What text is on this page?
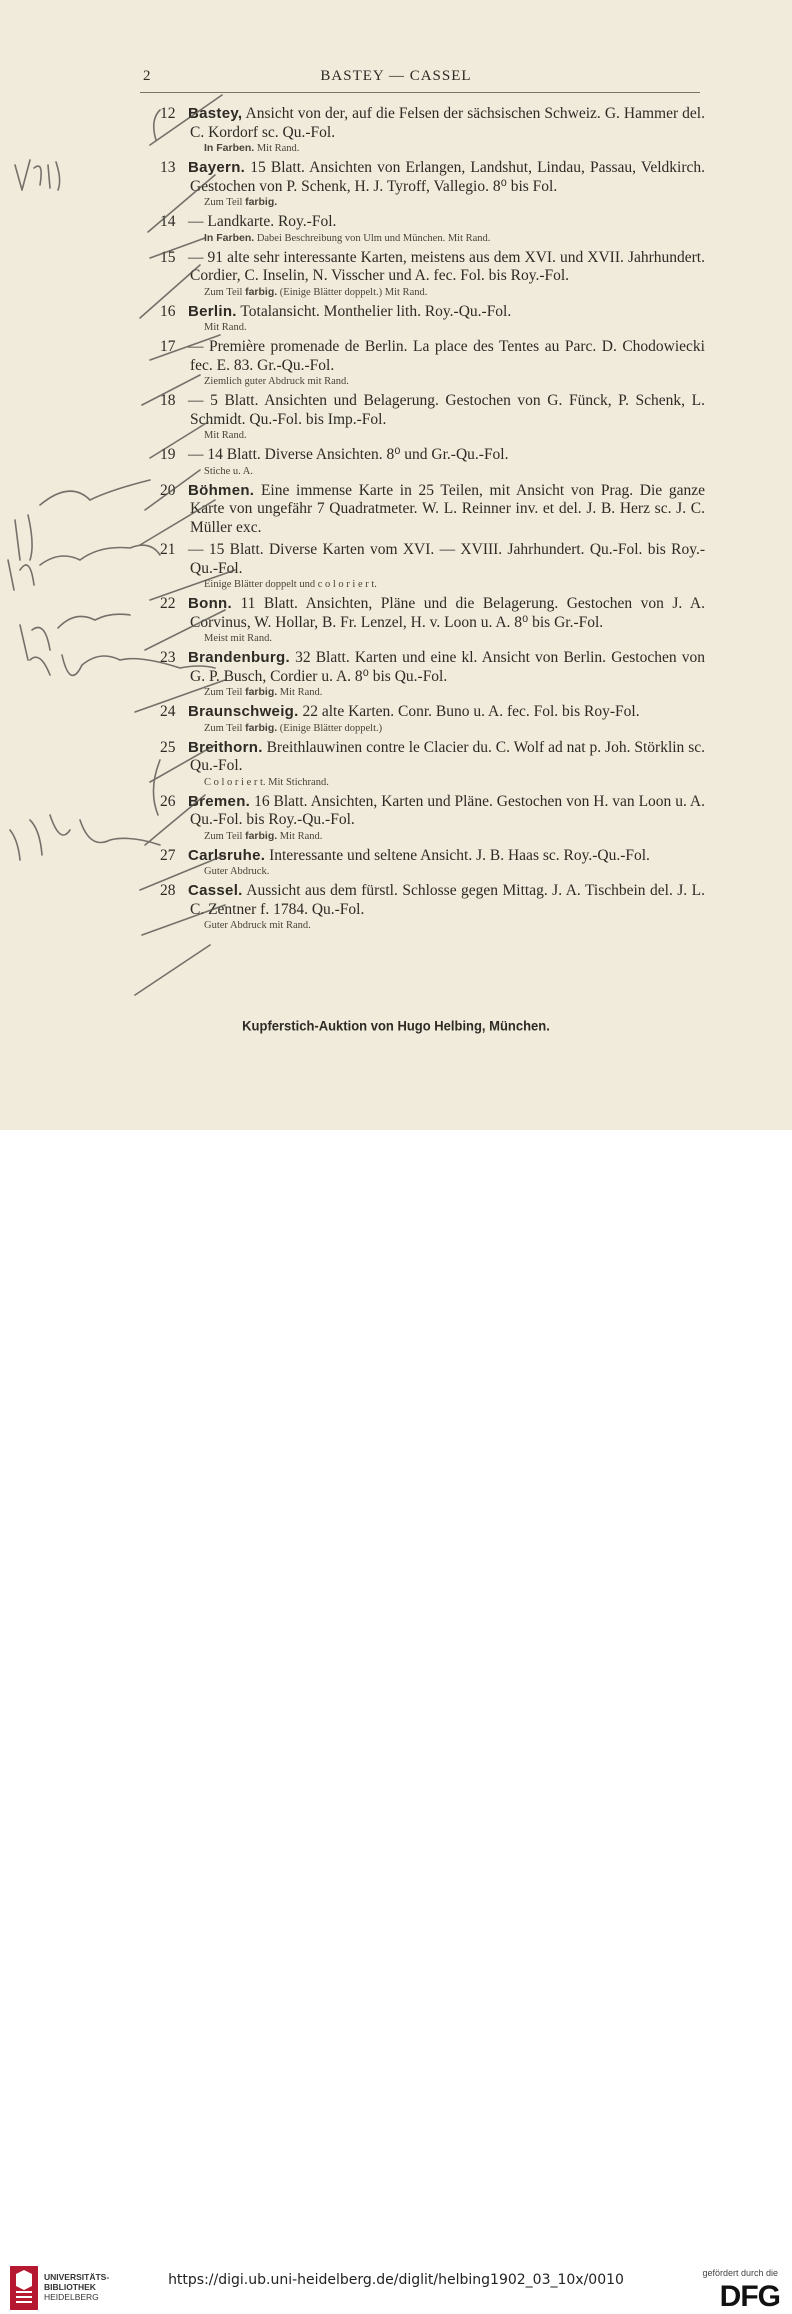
2	BASTEY — CASSEL
12 Bastey, Ansicht von der, auf die Felsen der sächsischen Schweiz. G. Hammer del. C. Kordorf sc. Qu.-Fol.
In Farben. Mit Rand.
13 Bayern. 15 Blatt. Ansichten von Erlangen, Landshut, Lindau, Passau, Veldkirch. Gestochen von P. Schenk, H. J. Tyroff, Vallegio. 8⁰ bis Fol.
Zum Teil farbig.
14 — Landkarte. Roy.-Fol.
In Farben. Dabei Beschreibung von Ulm und München. Mit Rand.
15 — 91 alte sehr interessante Karten, meistens aus dem XVI. und XVII. Jahrhundert. Cordier, C. Inselin, N. Visscher und A. fec. Fol. bis Roy.-Fol.
Zum Teil farbig. (Einige Blätter doppelt.) Mit Rand.
16 Berlin. Totalansicht. Monthelier lith. Roy.-Qu.-Fol.
Mit Rand.
17 — Première promenade de Berlin. La place des Tentes au Parc. D. Chodowiecki fec. E. 83. Gr.-Qu.-Fol.
Ziemlich guter Abdruck mit Rand.
18 — 5 Blatt. Ansichten und Belagerung. Gestochen von G. Fünck, P. Schenk, L. Schmidt. Qu.-Fol. bis Imp.-Fol.
Mit Rand.
19 — 14 Blatt. Diverse Ansichten. 8⁰ und Gr.-Qu.-Fol.
Stiche u. A.
20 Böhmen. Eine immense Karte in 25 Teilen, mit Ansicht von Prag. Die ganze Karte von ungefähr 7 Quadratmeter. W. L. Reinner inv. et del. J. B. Herz sc. J. C. Müller exc.
21 — 15 Blatt. Diverse Karten vom XVI. — XVIII. Jahrhundert. Qu.-Fol. bis Roy.-Qu.-Fol.
Einige Blätter doppelt und c o l o r i e r t.
22 Bonn. 11 Blatt. Ansichten, Pläne und die Belagerung. Gestochen von J. A. Corvinus, W. Hollar, B. Fr. Lenzel, H. v. Loon u. A. 8⁰ bis Gr.-Fol.
Meist mit Rand.
23 Brandenburg. 32 Blatt. Karten und eine kl. Ansicht von Berlin. Gestochen von G. P. Busch, Cordier u. A. 8⁰ bis Qu.-Fol.
Zum Teil farbig. Mit Rand.
24 Braunschweig. 22 alte Karten. Conr. Buno u. A. fec. Fol. bis Roy-Fol.
Zum Teil farbig. (Einige Blätter doppelt.)
25 Breithorn. Breithlauwinen contre le Clacier du. C. Wolf ad nat p. Joh. Störklin sc. Qu.-Fol.
C o l o r i e r t. Mit Stichrand.
26 Bremen. 16 Blatt. Ansichten, Karten und Pläne. Gestochen von H. van Loon u. A. Qu.-Fol. bis Roy.-Qu.-Fol.
Zum Teil farbig. Mit Rand.
27 Carlsruhe. Interessante und seltene Ansicht. J. B. Haas sc. Roy.-Qu.-Fol.
Guter Abdruck.
28 Cassel. Aussicht aus dem fürstl. Schlosse gegen Mittag. J. A. Tischbein del. J. L. C. Zentner f. 1784. Qu.-Fol.
Guter Abdruck mit Rand.
Kupferstich-Auktion von Hugo Helbing, München.
UNIVERSITÄTS-
BIBLIOTHEK
HEIDELBERG
https://digi.ub.uni-heidelberg.de/diglit/helbing1902_03_10x/0010	gefördert durch die
DFG
